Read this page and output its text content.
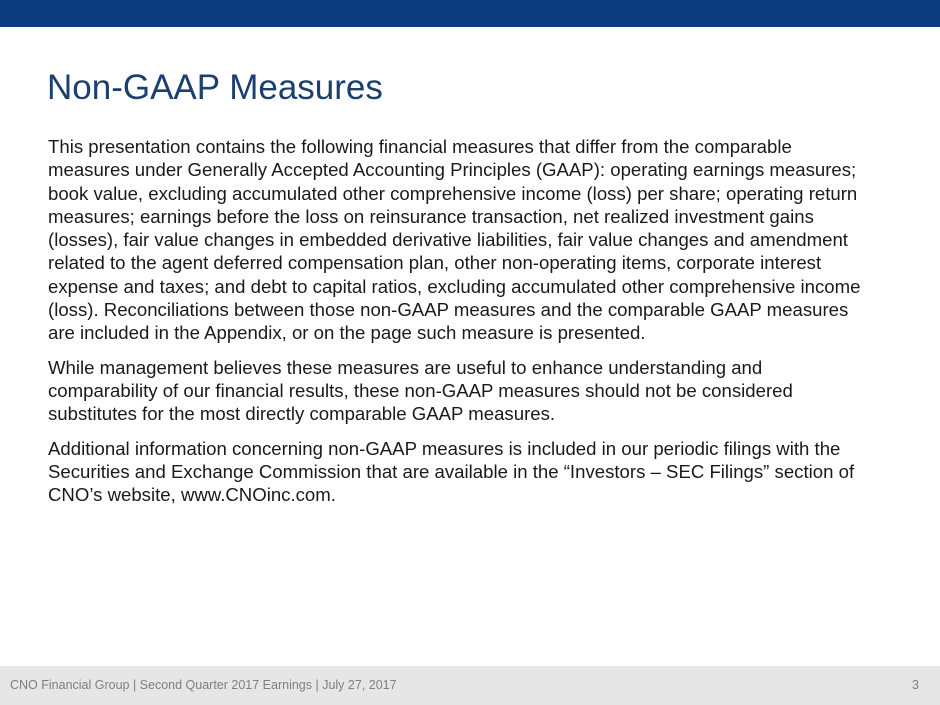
Non-GAAP Measures

This presentation contains the following financial measures that differ from the comparable measures under Generally Accepted Accounting Principles (GAAP): operating earnings measures; book value, excluding accumulated other comprehensive income (loss) per share; operating return measures; earnings before the loss on reinsurance transaction, net realized investment gains (losses), fair value changes in embedded derivative liabilities, fair value changes and amendment related to the agent deferred compensation plan, other non-operating items, corporate interest expense and taxes; and debt to capital ratios, excluding accumulated other comprehensive income (loss). Reconciliations between those non-GAAP measures and the comparable GAAP measures are included in the Appendix, or on the page such measure is presented.

While management believes these measures are useful to enhance understanding and comparability of our financial results, these non-GAAP measures should not be considered substitutes for the most directly comparable GAAP measures.

Additional information concerning non-GAAP measures is included in our periodic filings with the Securities and Exchange Commission that are available in the “Investors – SEC Filings” section of CNO’s website, www.CNOinc.com.

CNO Financial Group | Second Quarter 2017 Earnings | July 27, 2017	3
